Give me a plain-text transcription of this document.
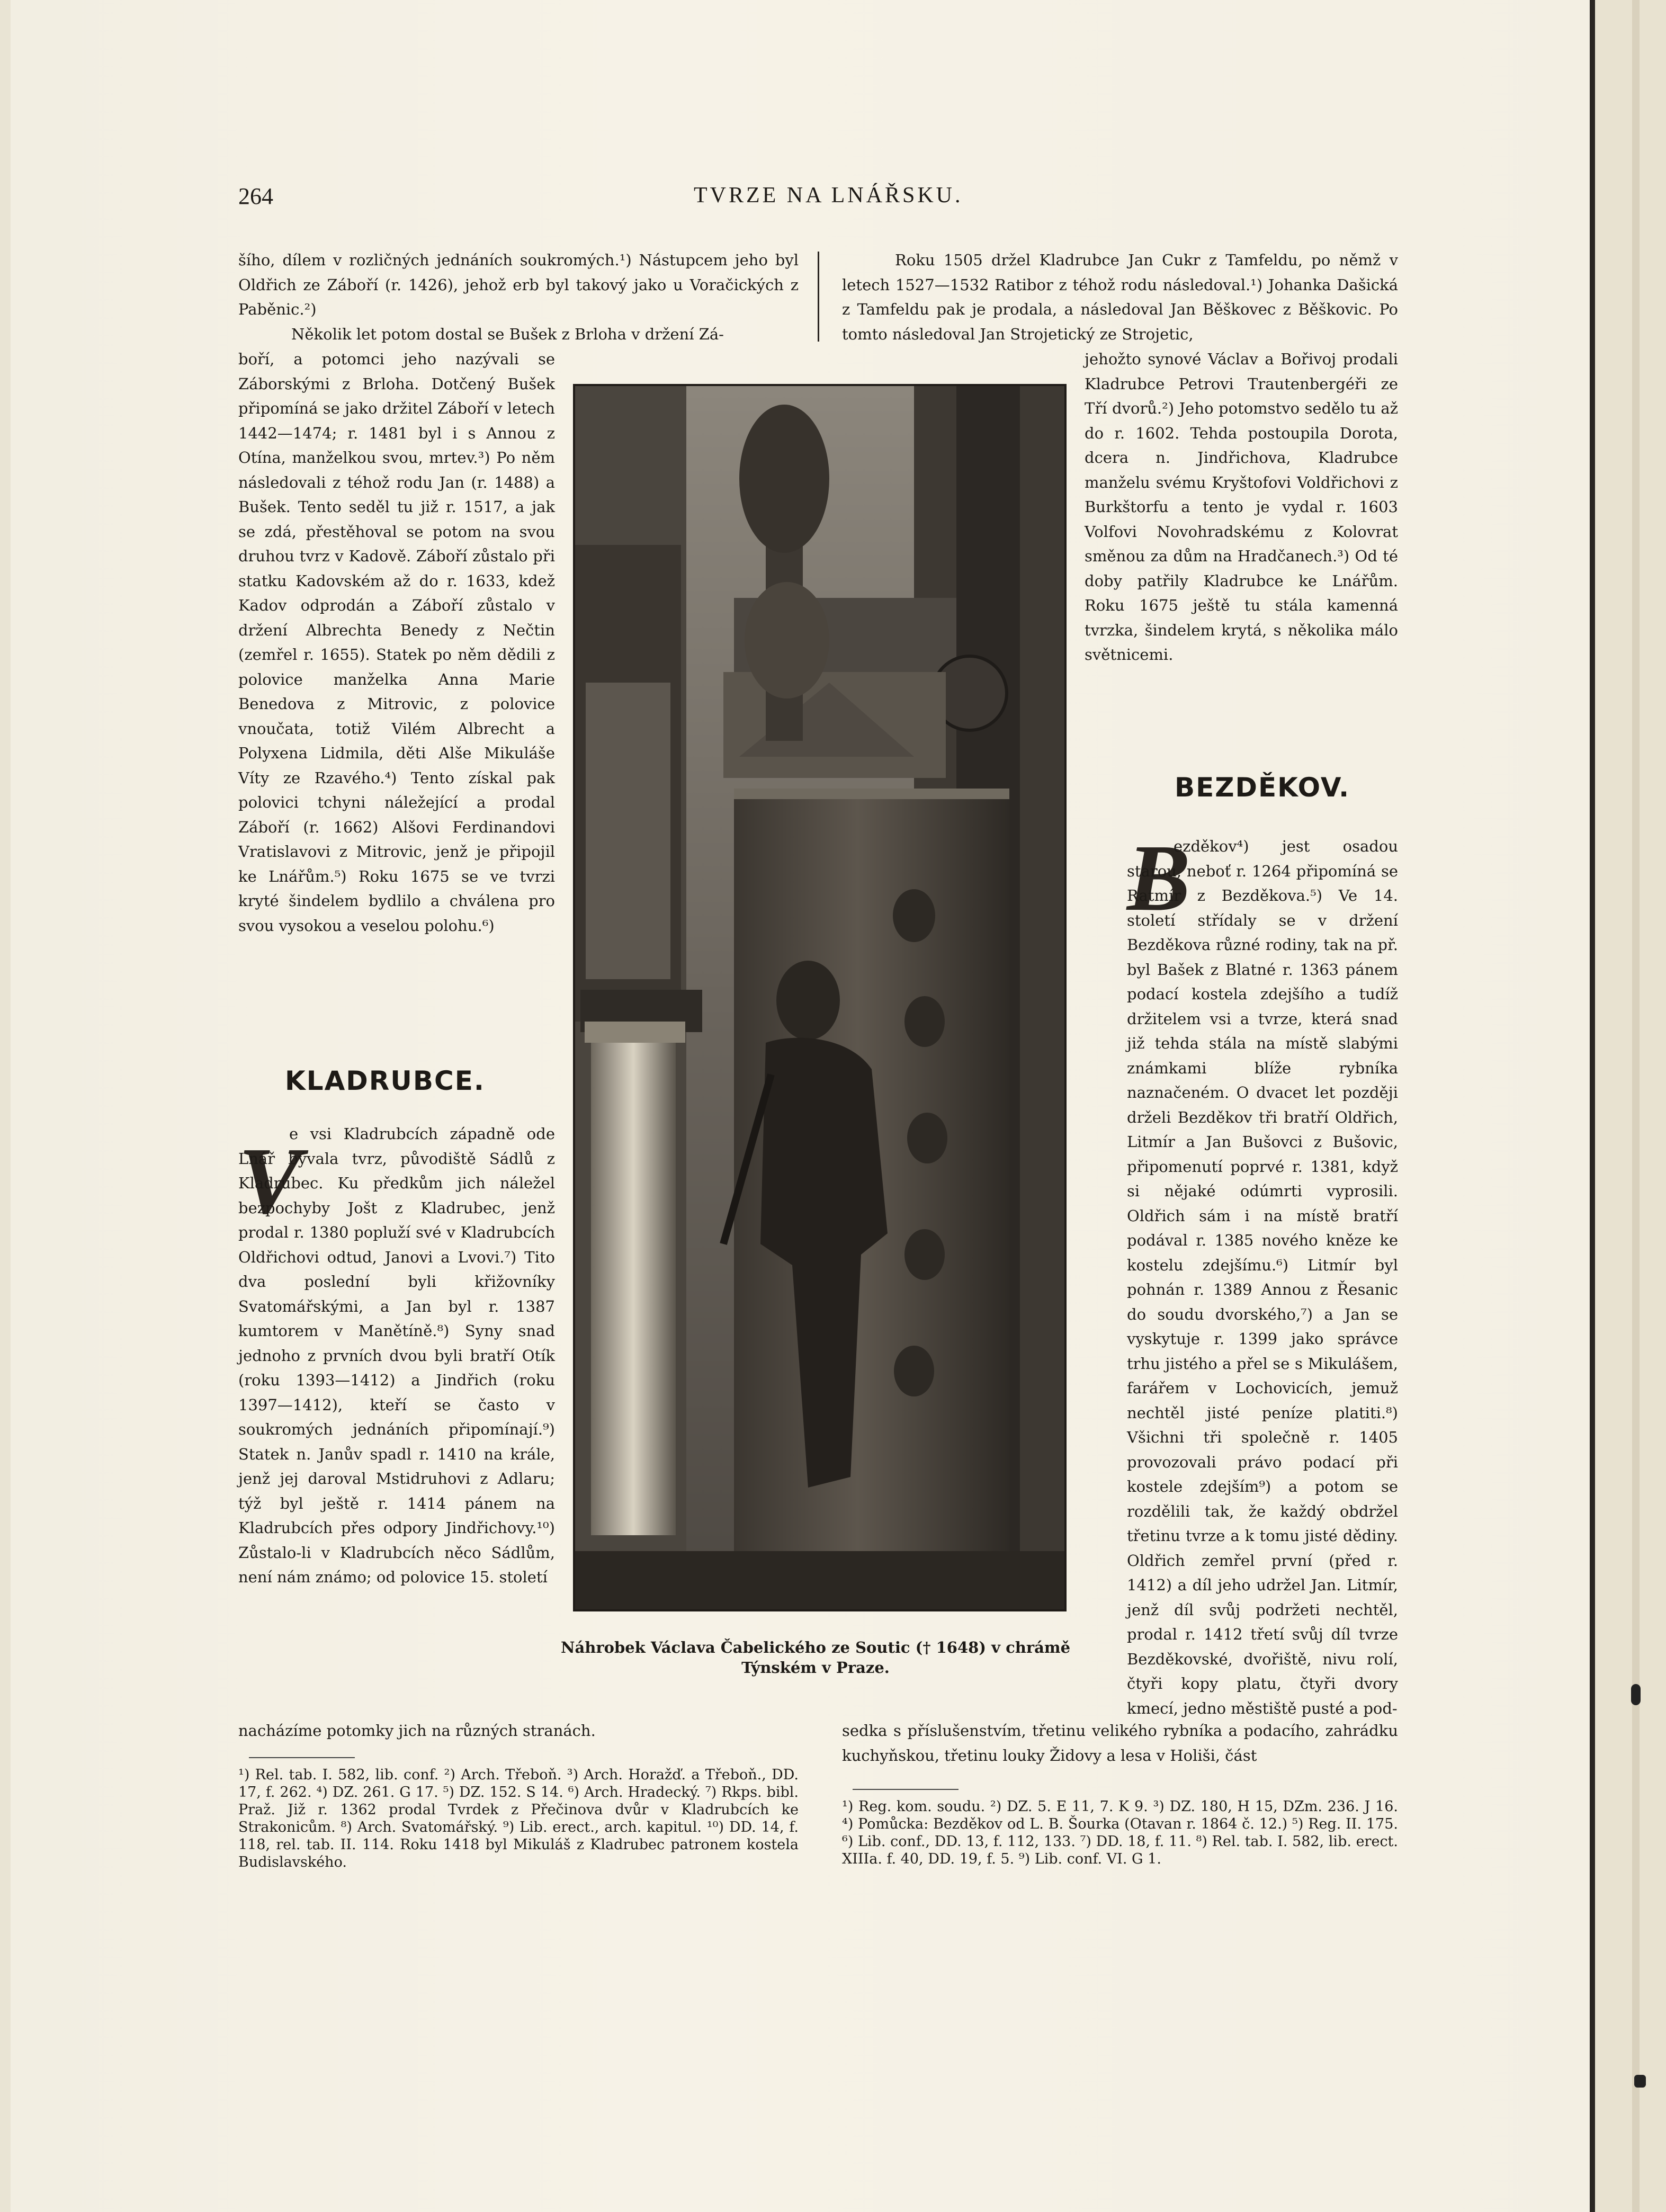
264	TVRZE NA LNÁŘSKU.

šího, dílem v rozličných jednáních soukromých.¹) Nástupcem jeho byl Oldřich ze Záboří (r. 1426), jehož erb byl takový jako u Voračických z Paběnic.²)

Několik let potom dostal se Bušek z Brloha v držení Zá-

boří, a potomci jeho nazývali se Záborskými z Brloha. Dotčený Bušek připomíná se jako držitel Záboří v letech 1442—1474; r. 1481 byl i s Annou z Otína, manželkou svou, mrtev.³) Po něm následovali z téhož rodu Jan (r. 1488) a Bušek. Tento seděl tu již r. 1517, a jak se zdá, přestěhoval se potom na svou druhou tvrz v Kadově. Záboří zůstalo při statku Kadovském až do r. 1633, kdež Kadov odprodán a Záboří zůstalo v držení Albrechta Benedy z Nečtin (zemřel r. 1655). Statek po něm dědili z polovice manželka Anna Marie Benedova z Mitrovic, z polovice vnoučata, totiž Vilém Albrecht a Polyxena Lidmila, děti Alše Mikuláše Víty ze Rzavého.⁴) Tento získal pak polovici tchyni náležející a prodal Záboří (r. 1662) Alšovi Ferdinandovi Vratislavovi z Mitrovic, jenž je připojil ke Lnářům.⁵) Roku 1675 se ve tvrzi kryté šindelem bydlilo a chválena pro svou vysokou a veselou polohu.⁶)
KLADRUBCE.
V
e vsi Kladrubcích západně ode Lnář bývala tvrz, původiště Sádlů z Kladrubec. Ku předkům jich náležel bezpochyby Jošt z Kladrubec, jenž prodal r. 1380 popluží své v Kladrubcích Oldřichovi odtud, Janovi a Lvovi.⁷) Tito dva poslední byli křižovníky Svatomářskými, a Jan byl r. 1387 kumtorem v Manětíně.⁸) Syny snad jednoho z prvních dvou byli bratří Otík (roku 1393—1412) a Jindřich (roku 1397—1412), kteří se často v soukromých jednáních připomínají.⁹) Statek n. Janův spadl r. 1410 na krále, jenž jej daroval Mstidruhovi z Adlaru; týž byl ještě r. 1414 pánem na Kladrubcích přes odpory Jindřichovy.¹⁰) Zůstalo-li v Kladrubcích něco Sádlům, není nám známo; od polovice 15. století
nacházíme potomky jich na různých stranách.
Roku 1505 držel Kladrubce Jan Cukr z Tamfeldu, po němž v letech 1527—1532 Ratibor z téhož rodu následoval.¹) Johanka Dašická z Tamfeldu pak je prodala, a následoval Jan Běškovec z Běškovic. Po tomto následoval Jan Strojetický ze Strojetic,
jehožto synové Václav a Bořivoj prodali Kladrubce Petrovi Trautenbergéři ze Tří dvorů.²) Jeho potomstvo sedělo tu až do r. 1602. Tehda postoupila Dorota, dcera n. Jindřichova, Kladrubce manželu svému Kryštofovi Voldřichovi z Burkštorfu a tento je vydal r. 1603 Volfovi Novohradskému z Kolovrat směnou za dům na Hradčanech.³) Od té doby patřily Kladrubce ke Lnářům. Roku 1675 ještě tu stála kamenná tvrzka, šindelem krytá, s několika málo světnicemi.
BEZDĚKOV.
B
ezděkov⁴) jest osadou starou, neboť r. 1264 připomíná se Ratmír z Bezděkova.⁵) Ve 14. století střídaly se v držení Bezděkova různé rodiny, tak na př. byl Bašek z Blatné r. 1363 pánem podací kostela zdejšího a tudíž držitelem vsi a tvrze, která snad již tehda stála na místě slabými známkami blíže rybníka naznačeném. O dvacet let později drželi Bezděkov tři bratří Oldřich, Litmír a Jan Bušovci z Bušovic, připomenutí poprvé r. 1381, když si nějaké odúmrti vyprosili. Oldřich sám i na místě bratří podával r. 1385 nového kněze ke kostelu zdejšímu.⁶) Litmír byl pohnán r. 1389 Annou z Řesanic do soudu dvorského,⁷) a Jan se vyskytuje r. 1399 jako správce trhu jistého a přel se s Mikulášem, farářem v Lochovicích, jemuž nechtěl jisté peníze platiti.⁸) Všichni tři společně r. 1405 provozovali právo podací při kostele zdejším⁹) a potom se rozdělili tak, že každý obdržel třetinu tvrze a k tomu jisté dědiny. Oldřich zemřel první (před r. 1412) a díl jeho udržel Jan. Litmír, jenž díl svůj podržeti nechtěl, prodal r. 1412 třetí svůj díl tvrze Bezděkovské, dvořiště, nivu rolí, čtyři kopy platu, čtyři dvory kmecí, jedno městiště pusté a pod-
sedka s příslušenstvím, třetinu velikého rybníka a podacího, zahrádku kuchyňskou, třetinu louky Židovy a lesa v Holiši, část
Náhrobek Václava Čabelického ze Soutic († 1648) v chrámě
Týnském v Praze.
¹) Rel. tab. I. 582, lib. conf. ²) Arch. Třeboň. ³) Arch. Horažď. a Třeboň., DD. 17, f. 262. ⁴) DZ. 261. G 17. ⁵) DZ. 152. S 14. ⁶) Arch. Hradecký. ⁷) Rkps. bibl. Praž. Již r. 1362 prodal Tvrdek z Přečinova dvůr v Kladrubcích ke Strakonicům. ⁸) Arch. Svatomářský. ⁹) Lib. erect., arch. kapitul. ¹⁰) DD. 14, f. 118, rel. tab. II. 114. Roku 1418 byl Mikuláš z Kladrubec patronem kostela Budislavského.
¹) Reg. kom. soudu. ²) DZ. 5. E 11, 7. K 9. ³) DZ. 180, H 15, DZm. 236. J 16. ⁴) Pomůcka: Bezděkov od L. B. Šourka (Otavan r. 1864 č. 12.) ⁵) Reg. II. 175. ⁶) Lib. conf., DD. 13, f. 112, 133. ⁷) DD. 18, f. 11. ⁸) Rel. tab. I. 582, lib. erect. XIIIa. f. 40, DD. 19, f. 5. ⁹) Lib. conf. VI. G 1.
